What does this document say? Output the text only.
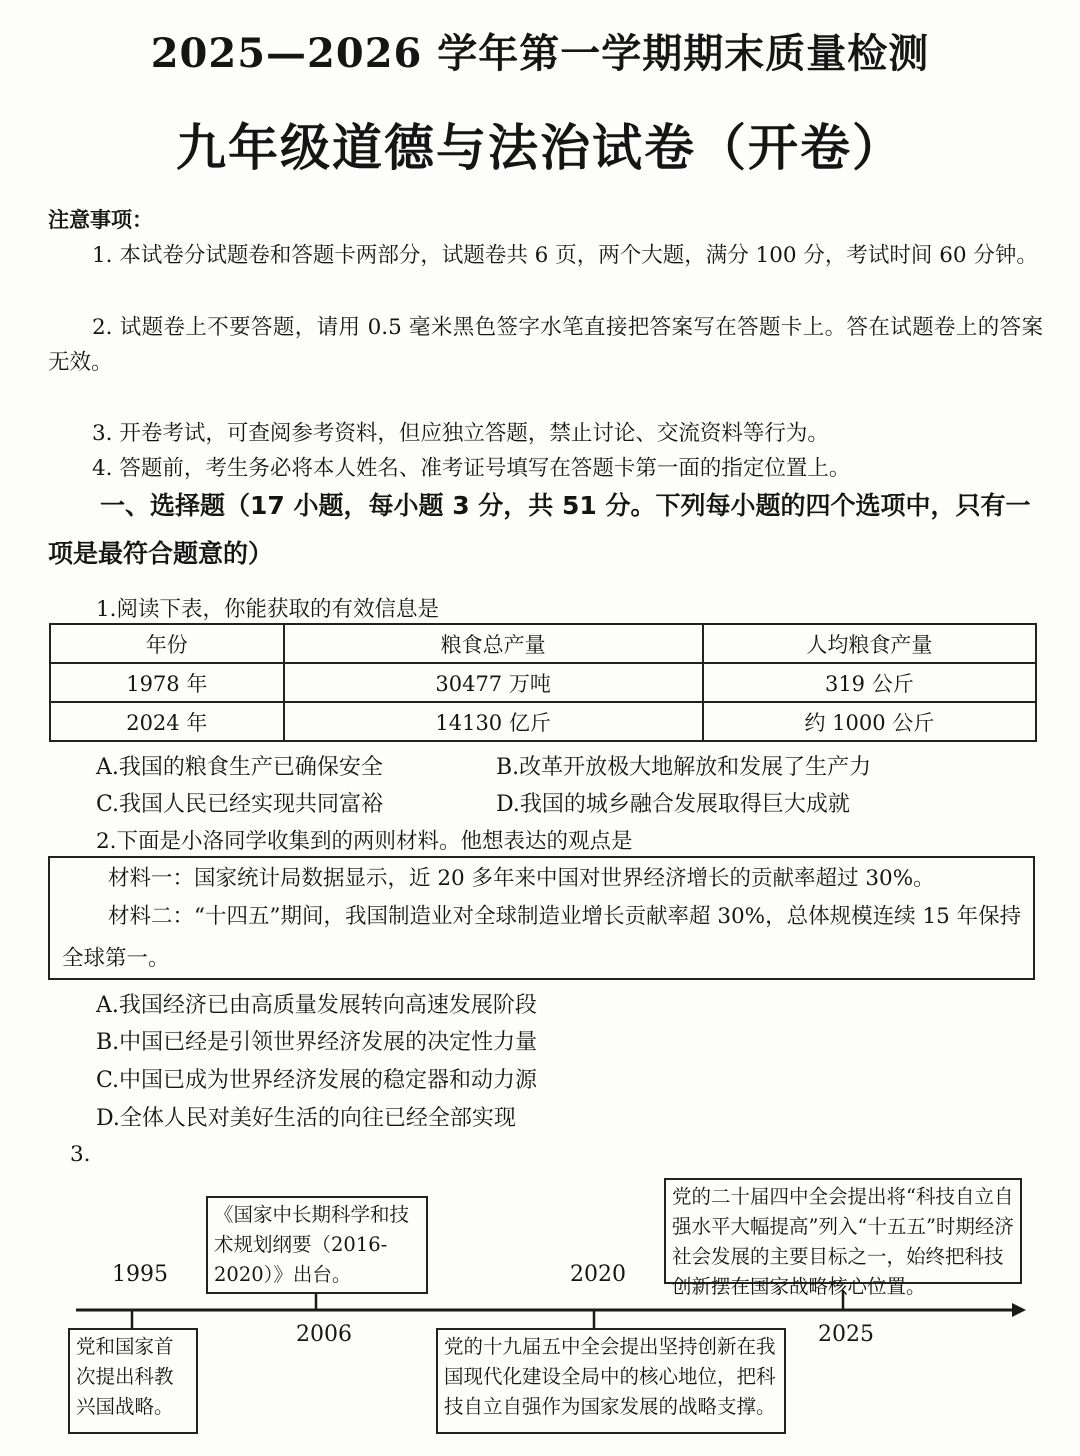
2025—2026 学年第一学期期末质量检测
九年级道德与法治试卷（开卷）
注意事项：
1. 本试卷分试题卷和答题卡两部分，试题卷共 6 页，两个大题，满分 100 分，考试时间 60 分钟。
2. 试题卷上不要答题，请用 0.5 毫米黑色签字水笔直接把答案写在答题卡上。答在试题卷上的答案无效。
3. 开卷考试，可查阅参考资料，但应独立答题，禁止讨论、交流资料等行为。
4. 答题前，考生务必将本人姓名、准考证号填写在答题卡第一面的指定位置上。
一、选择题（17 小题，每小题 3 分，共 51 分。下列每小题的四个选项中，只有一项是最符合题意的）
1.阅读下表，你能获取的有效信息是
年份	粮食总产量	人均粮食产量
1978 年	30477 万吨	319 公斤
2024 年	14130 亿斤	约 1000 公斤
A.我国的粮食生产已确保安全	B.改革开放极大地解放和发展了生产力
C.我国人民已经实现共同富裕	D.我国的城乡融合发展取得巨大成就
2.下面是小洛同学收集到的两则材料。他想表达的观点是
材料一：国家统计局数据显示，近 20 多年来中国对世界经济增长的贡献率超过 30%。
材料二：“十四五”期间，我国制造业对全球制造业增长贡献率超 30%，总体规模连续 15 年保持全球第一。
A.我国经济已由高质量发展转向高速发展阶段
B.中国已经是引领世界经济发展的决定性力量
C.中国已成为世界经济发展的稳定器和动力源
D.全体人民对美好生活的向往已经全部实现
3.
1995
2006
2020
2025
《国家中长期科学和技术规划纲要（2016-2020）》出台。
党的二十届四中全会提出将“科技自立自强水平大幅提高”列入“十五五”时期经济社会发展的主要目标之一，始终把科技创新摆在国家战略核心位置。
党和国家首次提出科教兴国战略。
党的十九届五中全会提出坚持创新在我国现代化建设全局中的核心地位，把科技自立自强作为国家发展的战略支撑。
